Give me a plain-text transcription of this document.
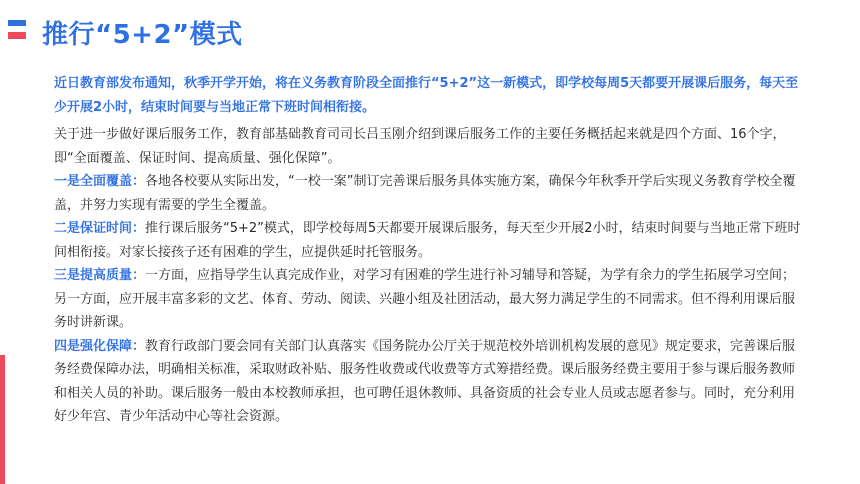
推行“5+2”模式

近日教育部发布通知，秋季开学开始，将在义务教育阶段全面推行“5+2”这一新模式，即学校每周5天都要开展课后服务，每天至少开展2小时，结束时间要与当地正常下班时间相衔接。

关于进一步做好课后服务工作，教育部基础教育司司长吕玉刚介绍到课后服务工作的主要任务概括起来就是四个方面、16个字，即“全面覆盖、保证时间、提高质量、强化保障”。

一是全面覆盖：各地各校要从实际出发，“一校一案”制订完善课后服务具体实施方案，确保今年秋季开学后实现义务教育学校全覆盖，并努力实现有需要的学生全覆盖。

二是保证时间：推行课后服务“5+2”模式，即学校每周5天都要开展课后服务，每天至少开展2小时，结束时间要与当地正常下班时间相衔接。对家长接孩子还有困难的学生，应提供延时托管服务。

三是提高质量：一方面，应指导学生认真完成作业，对学习有困难的学生进行补习辅导和答疑，为学有余力的学生拓展学习空间；另一方面，应开展丰富多彩的文艺、体育、劳动、阅读、兴趣小组及社团活动，最大努力满足学生的不同需求。但不得利用课后服务时讲新课。

四是强化保障：教育行政部门要会同有关部门认真落实《国务院办公厅关于规范校外培训机构发展的意见》规定要求，完善课后服务经费保障办法，明确相关标准，采取财政补贴、服务性收费或代收费等方式筹措经费。课后服务经费主要用于参与课后服务教师和相关人员的补助。课后服务一般由本校教师承担，也可聘任退休教师、具备资质的社会专业人员或志愿者参与。同时，充分利用好少年宫、青少年活动中心等社会资源。
